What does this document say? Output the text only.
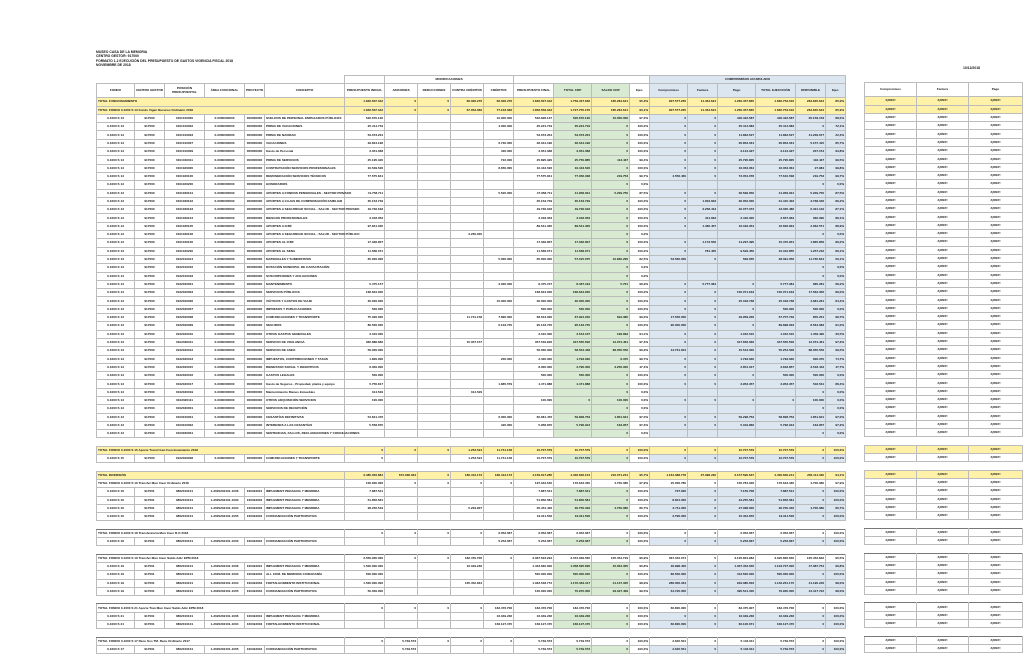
MUSEO CASA DE LA MEMORIA
CENTRO GESTOR: 917000
FORMATO 1.2 EJECUCIÓN DEL PRESUPUESTO DE GASTOS VIGENCIA FISCAL 2018
NOVIEMBRE DE 2018
10/12/2018
							MODIFICACIONES								COMPROMISOS ACUMULADO					
FONDO	CENTRO GESTOR	POSICIÓN PRESUPUESTAL	ÁREA FUNCIONAL	PROYECTO	CONCEPTO	PRESUPUESTO INICIAL	ADICIONES	REDUCCIONES	CONTRA CRÉDITOS	CRÉDITOS	PRESUPUESTO FINAL	TOTAL CDP	SALDO CDP	Ejec.	Compromisos	Factura	Pago	TOTAL EJECUCIÓN	DISPONIBLE	Ejec.
TOTAL FUNCIONAMIENTO						1.846.507.342	0	0	66.306.276	66.306.276	1.846.507.342	1.759.407.636	185.284.641	95,3%	907.577.265	11.464.624	1.260.457.865	1.660.753.016	263.845.624	85,9%
TOTAL FONDO 0-1000 S 13 Fondo Vigen Recurso Ordinario 2018						1.846.507.342	0	0	67.053.066	77.103.066	1.856.559.342	1.727.755.155	185.284.641	93,1%	907.577.265	11.464.624	1.260.457.865	1.660.753.016	263.845.624	85,9%
0-1000 S 13	917000	0101010000	0-0000000000	000000000	SUELDOS DE PERSONAL EMPLEADOS PÚBLICOS	526.670.130				10.000.000	546.828.137	526.670.130	10.000.000	97,0%	0	0	426.422.587	426.422.587	65.159.153	88,0%
0-1000 S 13	917000	0101010002	0-0000000000	000000000	PRIMA DE VACACIONES	25.414.719				4.000.000	35.224.719	35.224.719	0	100,0%	0	0	25.414.683	25.414.683	0	72,1%
0-1000 S 13	917000	0101010003	0-0000000000	000000000	PRIMA DE NAVIDAD	53.073.204					53.073.204	53.073.204	0	100,0%	0	0	11.863.527	11.863.527	41.209.677	22,4%
0-1000 S 13	917000	0101010007	0-0000000000	000000000	VACACIONES	29.834.196				6.730.000	36.044.196	36.044.196	0	100,0%	0	0	35.853.031	35.853.031	5.157.415	85,7%
0-1000 S 13	917000	0101010009	0-0000000000	000000000	Gasto de Personal	3.351.068				400.000	3.351.068	3.351.068	0	100,0%	0	0	3.144.327	3.144.327	207.154	93,8%
0-1000 S 13	917000	0101010011	0-0000000000	000000000	PRIMA DE SERVICIOS	25.195.320				722.000	25.895.320	25.750.885	113.437	99,4%	0	0	25.795.805	25.795.805	118.437	99,5%
0-1000 S 13	917000	0101020000	0-0000000000	000000000	CONTRATACIÓN SERVICIOS PROFESIONALES	16.539.526				8.650.000	16.443.526	16.443.526	0	100,0%	0	0	16.353.064	16.353.064	27.984	99,8%
0-1000 S 13	917000	0101020100	0-0000000000	000000000	REMUNERACIÓN SERVICIOS TÉCNICOS	77.575.841					77.575.841	77.356.038	219.753	99,7%	4.556.460	0	73.054.078	77.610.538	219.753	99,7%
0-1000 S 13	917000	0101020200	0-0000000000	000000000	HONORARIOS								0	0,0%					0	0,0%
0-1000 S 13	917000	0101030101	0-0000000000	000000000	APORTES A FONDOS PENSIONALES - SECTOR PRIVADO	41.758.711				5.520.000	47.958.711	41.958.631	5.209.750	87,5%	0	0	36.599.650	41.959.631	5.209.750	87,5%
0-1000 S 13	917000	0101030102	0-0000000000	000000000	APORTES A CAJAS DE COMPENSACIÓN FAMILIAR	35.153.749					35.153.749	35.153.749	0	100,0%	0	1.003.603	30.052.000	31.415.403	3.738.346	89,4%
0-1000 S 13	917000	0101030103	0-0000000000	000000000	APORTES A SEGURIDAD SOCIAL - SALUD - SECTOR PRIVADO	49.736.618					49.736.618	49.736.618	0	100,0%	0	3.258.413	40.077.073	43.335.486	6.401.132	87,1%
0-1000 S 13	917000	0101030104	0-0000000000	000000000	RIESGOS PROFESIONALES	3.018.053					3.018.053	3.018.053	0	100,0%	0	311.663	2.446.300	2.657.963	360.090	88,1%
0-1000 S 13	917000	0101030105	0-0000000000	000000000	APORTES A ICBF	97.841.335					89.541.335	89.541.335	0	100,0%	0	1.480.457	16.318.354	16.606.834	2.063.571	88,9%
0-1000 S 13	917000	0101030106	0-0000000000	000000000	APORTES A SEGURIDAD SOCIAL - SALUD - SECTOR PÚBLICO				3.260.000				0	0,0%					0	0,0%
0-1000 S 13	917000	0101040100	0-0000000000	000000000	APORTES AL ICBF	17.336.807					17.336.807	17.336.807	0	100,0%	0	1.173.556	14.297.395	15.470.951	1.865.856	89,2%
0-1000 S 13	917000	0101040200	0-0000000000	000000000	APORTES AL SENA	11.568.071					11.568.071	11.568.071	0	100,0%	0	781.405	9.529.450	10.310.855	1.257.216	89,1%
0-1000 S 13	917000	0102010014	0-0000000000	000000000	MATERIALES Y SUMINISTROS	65.000.000				5.000.000	65.000.000	57.015.675	10.860.295	82,5%	53.560.000	0	569.055	38.391.056	11.735.844	69,1%
0-1000 S 13	917000	0102010016	0-0000000000	000000000	DOTACIÓN MUNICIPAL DE CAPACITACIÓN								0	0,0%					0	0,0%
0-1000 S 13	917000	0102010018	0-0000000000	000000000	SUSCRIPCIONES Y AFILIACIONES								0	0,0%					0	0,0%
0-1000 S 13	917000	0102020001	0-0000000000	000000000	MANTENIMIENTO	5.475.157				3.000.000	8.475.157	8.467.194	5.701	99,9%	0	5.777.384	0	5.777.384	685.281	68,2%
0-1000 S 13	917000	0102020003	0-0000000000	000000000	SERVICIOS PÚBLICOS	168.634.000					168.634.000	168.634.000	0	100,0%	0	0	150.071.643	150.071.643	17.562.356	89,0%
0-1000 S 13	917000	0102020006	0-0000000000	000000000	VIÁTICOS Y GASTOS DE VIAJE	30.000.000				15.000.000	30.000.000	30.000.000	0	100,0%	0	0	25.318.738	25.318.738	4.681.261	84,4%
0-1000 S 13	917000	0102020007	0-0000000000	000000000	IMPRESOS Y PUBLICACIONES	500.000					500.000	500.000	0	100,0%	0	0	0	500.000	500.000	0,0%
0-1000 S 13	917000	0102020008	0-0000000000	000000000	COMUNICACIONES Y TRANSPORTE	75.300.000			11.741.158	7.890.000	68.613.000	67.924.040	694.380	99,0%	17.556.000	0	49.959.206	67.757.749	855.251	98,7%
0-1000 S 13	917000	0102020009	0-0000000000	000000000	SEGUROS	86.500.000				6.103.745	95.133.745	95.133.745	0	100,0%	90.000.000	0	0	89.898.603	8.564.083	91,0%
0-1000 S 13	917000	0102020010	0-0000000000	000000000	OTROS GASTOS GENERALES	3.310.000					3.310.000	3.513.107	196.893	94,1%	0	0	1.010.510	1.010.510	1.459.490	30,5%
0-1000 S 13	917000	0102020011	0-0000000000	000000000	SERVICIO DE VIGILANCIA	360.888.866			15.357.157		357.549.926	347.555.506	12.074.461	97,3%	0	0	317.656.366	347.555.506	12.074.461	97,3%
0-1000 S 13	917000	0102020012	0-0000000000	000000000	SERVICIO DE ASEO	56.000.000					56.000.000	58.504.448	88.055.556	99,3%	44.731.604	0	15.513.000	55.254.508	88.055.556	99,5%
0-1000 S 13	917000	0102020013	0-0000000000	000000000	IMPUESTOS, CONTRIBUCIONES Y TASAS	1.800.000				200.000	2.400.000	1.793.630	6.370	99,7%	0	0	1.793.630	1.793.630	606.370	74,7%
0-1000 S 13	917000	0102020015	0-0000000000	000000000	BIENESTAR SOCIAL Y INCENTIVOS	8.000.000					8.000.000	3.790.000	3.250.000	47,4%	0	0	2.851.017	3.818.857	3.518.443	47,7%
0-1000 S 13	917000	0102020016	0-0000000000	000000000	GASTOS LEGALES	500.000					500.000	500.000	0	100,0%	0	0	0	500.000	500.000	0,0%
0-1000 S 13	917000	0102020017	0-0000000000	000000000	Gasto de Seguros - Propiedad, planta y equipo	5.750.817				1.885.579	4.471.888	4.471.888	0	100,0%	0	0	3.953.357	3.953.357	518.531	88,4%
0-1000 S 13	917000	0102020019	0-0000000000	000000000	Mantenimiento Bienes Inmuebles	314.529			314.529				0	0,0%					0	0,0%
0-1000 S 13	917000	0102020111	0-0000000000	000000000	OTROS ADQUISICIÓN SERVICIOS	100.000					100.000	0	100.000	0,0%	0	0	0	0	100.000	0,0%
0-1000 S 13	917000	0102030001	0-0000000000	000000000	SERVICIOS DE RECEPCIÓN								0	0,0%					0	0,0%
0-1000 S 13	917000	0103010001	0-0000000000	000000000	CESANTÍAS DEFINITIVAS	54.841.476				6.000.000	60.681.476	59.808.753	1.851.621	97,0%	0	0	59.298.753	58.808.753	1.851.621	97,0%
0-1000 S 13	917000	0103010002	0-0000000000	000000000	INTERESES A LAS CESANTÍAS	5.558.870				420.000	5.958.870	5.796.913	163.957	97,3%	0	0	5.319.866	5.796.913	163.957	97,3%
0-1000 S 13	917000	0103030001	0-0000000000	000000000	SENTENCIAS, FALLOS, RECLAMACIONES Y CONCILIACIONES								0	0,0%					0	0,0%

TOTAL FONDO 0-1000 S 15 Aporte Transf Gen Funcionamiento 2018						0	0	0	1.253.524	11.741.158	10.707.579	10.707.579	0	100,0%	0	0	10.707.579	10.707.579	0	100,0%
0-1000 S 15	917000	0102020008	0-0000000000	000000000	COMUNICACIONES Y TRANSPORTE	0			1.253.524	11.741.158	10.707.579	10.707.579	0	100,0%	0	0	10.707.579	10.707.579	0	100,0%

TOTAL INVERSIÓN						3.485.353.881	674.338.364	0	186.413.173	186.413.173	4.159.617.285	4.406.606.104	216.071.231	95,7%	1.164.388.778	37.398.230	3.157.590.637	4.406.606.214	206.114.460	94,1%
TOTAL FONDO 0-1000 S 16 Transfer Mun Inver Ordinario 2018						106.000.000	0	0	0	0	197.343.540	176.643.460	4.700.080	97,9%	25.006.780	0	150.784.306	176.643.460	4.700.080	97,9%
0-1000 S 16	917001	0802010101	1-2020202101-1006	160494001	IMPLEMENT PEDAGOG Y MEMORIA	7.887.541					7.887.541	7.887.541	0	100,0%	737.000	0	7.150.708	7.887.541	0	100,0%
0-1000 S 16	917001	0802010101	1-2020202101-1003	160494002	IMPLEMENT PEDAGOG Y MEMORIA	51.856.581					51.856.581	51.856.581	0	100,0%	8.601.000	0	43.255.581	51.856.581	0	100,0%
0-1000 S 16	917001	0802010101	1-2020202101-1004	160494003	IMPLEMENT PEDAGOG Y MEMORIA	28.250.519			5.203.907		35.454.426	30.750.346	4.700.080	86,7%	3.711.000	0	27.098.600	30.700.346	4.700.080	86,7%
0-1000 S 16	917001	0802010101	1-2020202101-1005	160494004	COFINANCIACIÓN PARTICIPATIVA						19.011.506	19.011.506	0	100,0%	3.790.000	0	15.464.876	19.011.506	0	100,0%

TOTAL FONDO 0-1000 S 18 Transferencia Mun Inver R.O 2018						0	0	0	0	6.052.667	6.052.667	6.052.667	0	100,0%	0	0	6.052.667	6.052.667	0	100,0%
0-1000 S 18	917001	0802010101	1-2020202101-1003	160494004	COFINANCIACIÓN PARTICIPATIVA					5.253.667	5.253.667	5.253.667	0	100,0%	0	0	5.253.667	5.253.667	0	100,0%

TOTAL FONDO 0-1000 S 19 Transfer Mun Inver Saldo Adic EPM 2018						3.550.000.000	0	0	182.476.706	0	3.367.523.294	3.372.039.565	105.454.729	96,9%	367.016.374	0	3.135.804.983	3.325.800.650	105.452.832	95,5%
0-1000 S 19	917001	0802010101	1-2020202101-1006	160494001	IMPLEMENT PEDAGOG Y MEMORIA	1.500.000.000			16.349.236		1.403.660.000	1.358.595.695	45.064.305	96,8%	46.998.400	0	1.307.453.000	1.103.707.300	47.087.754	96,8%
0-1000 S 19	917001	0802010101	1-2020202101-1003	160494002	ALL COM. DE MEMORIA CIUDADANÍA	500.000.000					500.000.000	500.000.000	0	100,0%	86.500.000	0	413.500.000	500.000.000	0	100,0%
0-1000 S 19	917001	0802010101	1-2020202101-1004	160494003	FORTALECIMIENTO INSTITUCIONAL	1.500.000.000			165.452.834		1.363.548.772	1.176.463.417	41.137.335	98,9%	286.000.464	0	919.380.003	1.146.261.170	41.190.246	98,0%
0-1000 S 19	917001	0802010101	1-2020202101-1005	160494004	COFINANCIACIÓN PARTICIPATIVA	50.000.000					100.000.000	70.970.000	29.327.409	99,5%	64.720.000	0	495.541.400	76.935.000	44.417.722	98,0%

TOTAL FONDO 0-1000 S 21 Aporte Tran Mun Inver Saldo Adic EPM 2018						0	0	0	0	182.476.706	182.476.706	182.476.706	0	100,0%	66.800.000	0	82.475.907	182.476.706	0	100,0%
0-1000 S 21	917001	0802010101	1-2020202101-1006	160494001	IMPLEMENT PEDAGOG Y MEMORIA					16.349.236	16.349.236	16.349.236	0	100,0%	0	0	16.349.236	16.349.236	0	100,0%
0-1000 S 21	917001	0802010101	1-2020202101-1004	160494003	FORTALECIMIENTO INSTITUCIONAL					166.127.470	166.127.470	166.127.470	0	100,0%	66.800.000	0	66.126.671	166.127.470	0	100,0%

TOTAL FONDO 0-1000 S 17 Recu Sos TM. Recu Ordinario 2017						0	5.749.573	0	0	0	5.749.573	5.749.573	0	100,0%	2.620.501	0	5.134.611	5.749.573	0	100,0%
0-1000 S 17	917001	0802010101	1-2020202101-1005	160494004	COFINANCIACIÓN PARTICIPATIVA		5.749.573				5.749.573	5.749.573	0	100,0%	2.620.501	0	5.134.611	5.749.573	0	100,0%

Compromisos	Factura	Pago
#¡REF!	#¡REF!	#¡REF!
#¡REF!	#¡REF!	#¡REF!
#¡REF!	#¡REF!	#¡REF!
#¡REF!	#¡REF!	#¡REF!
#¡REF!	#¡REF!	#¡REF!
#¡REF!	#¡REF!	#¡REF!
#¡REF!	#¡REF!	#¡REF!
#¡REF!	#¡REF!	#¡REF!
#¡REF!	#¡REF!	#¡REF!
#¡REF!	#¡REF!	#¡REF!
#¡REF!	#¡REF!	#¡REF!
#¡REF!	#¡REF!	#¡REF!
#¡REF!	#¡REF!	#¡REF!
#¡REF!	#¡REF!	#¡REF!
#¡REF!	#¡REF!	#¡REF!
#¡REF!	#¡REF!	#¡REF!
#¡REF!	#¡REF!	#¡REF!
#¡REF!	#¡REF!	#¡REF!
#¡REF!	#¡REF!	#¡REF!
#¡REF!	#¡REF!	#¡REF!
#¡REF!	#¡REF!	#¡REF!
#¡REF!	#¡REF!	#¡REF!
#¡REF!	#¡REF!	#¡REF!
#¡REF!	#¡REF!	#¡REF!
#¡REF!	#¡REF!	#¡REF!
#¡REF!	#¡REF!	#¡REF!
#¡REF!	#¡REF!	#¡REF!
#¡REF!	#¡REF!	#¡REF!
#¡REF!	#¡REF!	#¡REF!
#¡REF!	#¡REF!	#¡REF!
#¡REF!	#¡REF!	#¡REF!
#¡REF!	#¡REF!	#¡REF!
#¡REF!	#¡REF!	#¡REF!
#¡REF!	#¡REF!	#¡REF!
#¡REF!	#¡REF!	#¡REF!
#¡REF!	#¡REF!	#¡REF!
#¡REF!	#¡REF!	#¡REF!
#¡REF!	#¡REF!	#¡REF!
#¡REF!	#¡REF!	#¡REF!
#¡REF!	#¡REF!	#¡REF!
#¡REF!	#¡REF!	#¡REF!

#¡REF!	#¡REF!	#¡REF!
#¡REF!	#¡REF!	#¡REF!

#¡REF!	#¡REF!	#¡REF!
#¡REF!	#¡REF!	#¡REF!
#¡REF!	#¡REF!	#¡REF!
#¡REF!	#¡REF!	#¡REF!
#¡REF!	#¡REF!	#¡REF!
#¡REF!	#¡REF!	#¡REF!

#¡REF!	#¡REF!	#¡REF!
#¡REF!	#¡REF!	#¡REF!

#¡REF!	#¡REF!	#¡REF!
#¡REF!	#¡REF!	#¡REF!
#¡REF!	#¡REF!	#¡REF!
#¡REF!	#¡REF!	#¡REF!
#¡REF!	#¡REF!	#¡REF!

#¡REF!	#¡REF!	#¡REF!
#¡REF!	#¡REF!	#¡REF!
#¡REF!	#¡REF!	#¡REF!

#¡REF!	#¡REF!	#¡REF!
#¡REF!	#¡REF!	#¡REF!
